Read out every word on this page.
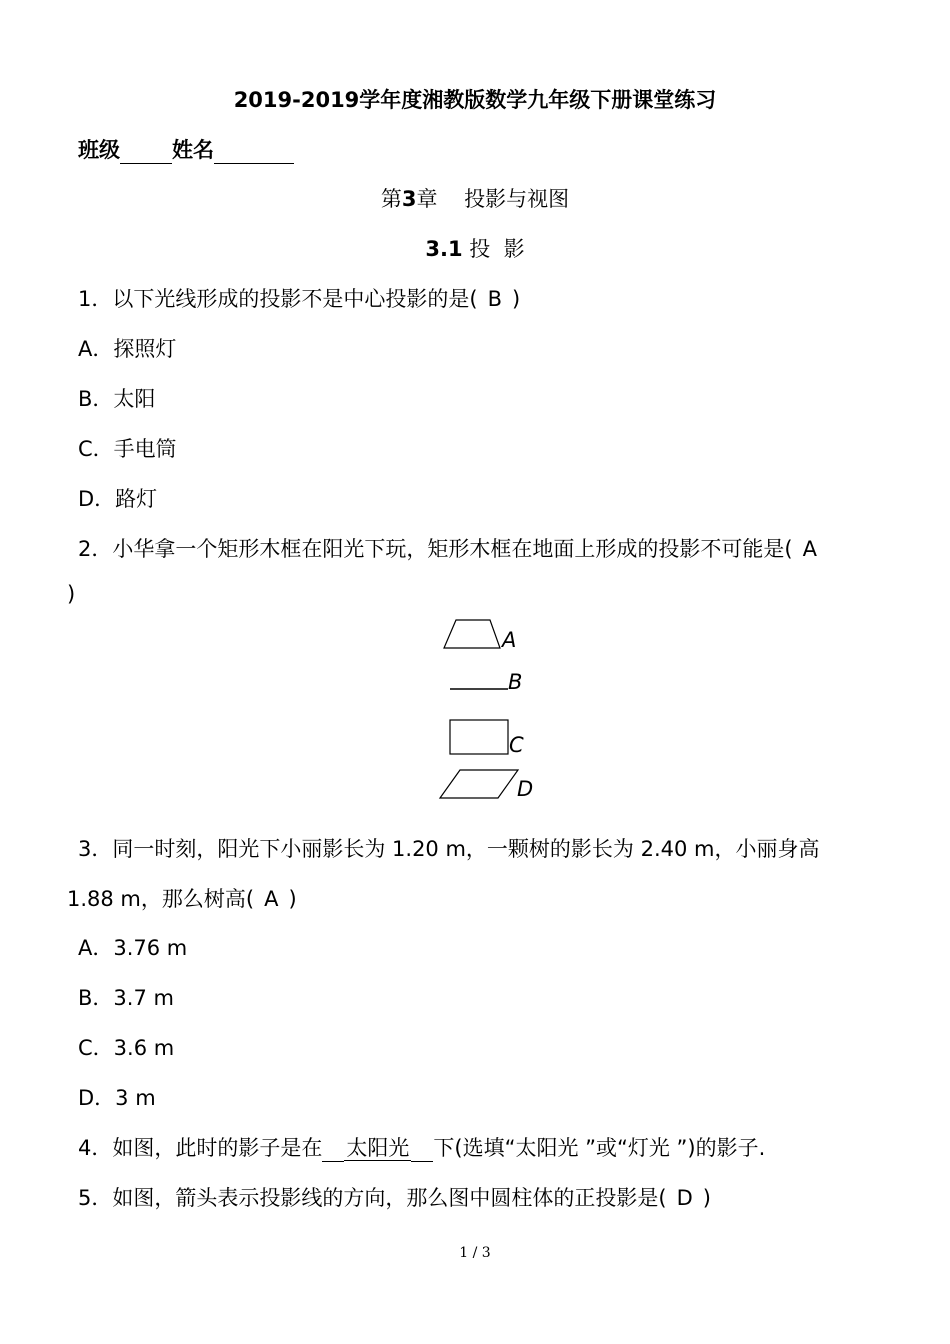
2019-2019学年度湘教版数学九年级下册课堂练习
班级 姓名
第3章 投影与视图
3.1 投  影
1．以下光线形成的投影不是中心投影的是( B )
A．探照灯
B．太阳
C．手电筒
D．路灯
2．小华拿一个矩形木框在阳光下玩，矩形木框在地面上形成的投影不可能是( A
)
A
B
C
D
3．同一时刻，阳光下小丽影长为 1.20 m，一颗树的影长为 2.40 m，小丽身高
1.88 m，那么树高( A )
A．3.76 m
B．3.7 m
C．3.6 m
D．3 m
4．如图，此时的影子是在 太阳光 下(选填“太阳光 ”或“灯光 ”)的影子.
5．如图，箭头表示投影线的方向，那么图中圆柱体的正投影是( D )
1 / 3
